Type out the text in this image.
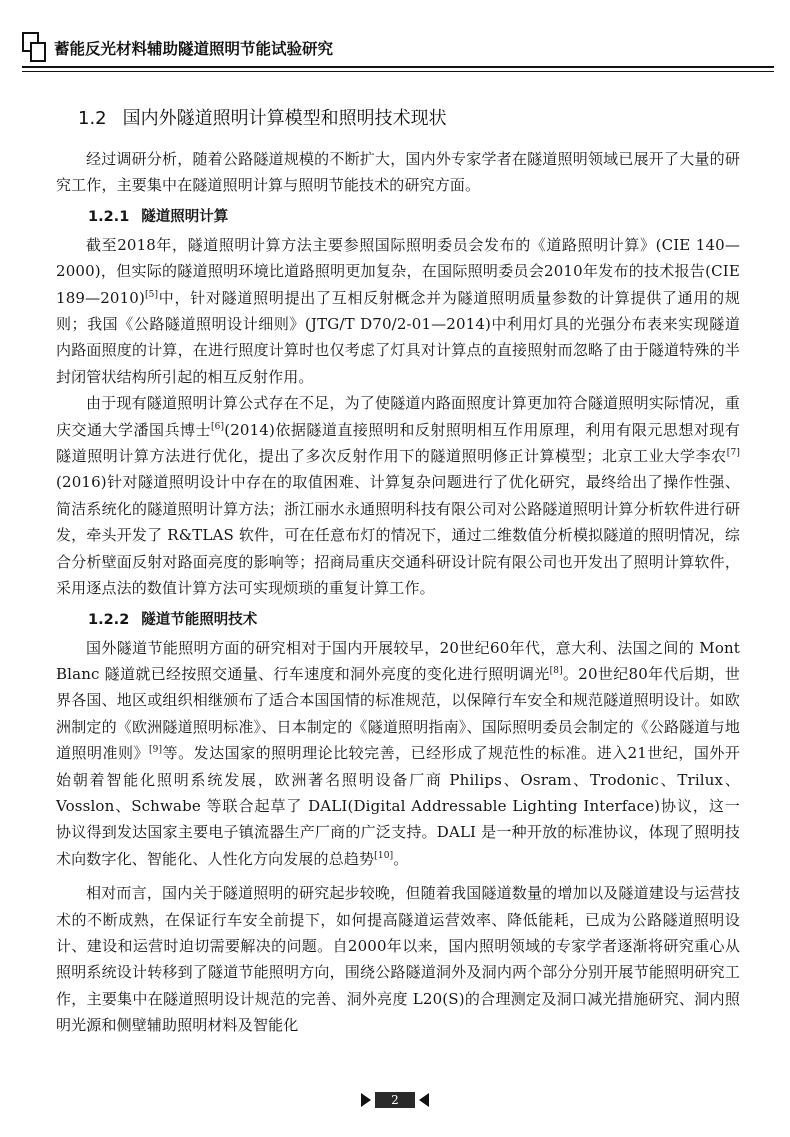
蓄能反光材料辅助隧道照明节能试验研究
1.2 国内外隧道照明计算模型和照明技术现状

经过调研分析，随着公路隧道规模的不断扩大，国内外专家学者在隧道照明领域已展开了大量的研究工作，主要集中在隧道照明计算与照明节能技术的研究方面。

1.2.1 隧道照明计算

截至2018年，隧道照明计算方法主要参照国际照明委员会发布的《道路照明计算》(CIE 140—2000)，但实际的隧道照明环境比道路照明更加复杂，在国际照明委员会2010年发布的技术报告(CIE 189—2010)[5]中，针对隧道照明提出了互相反射概念并为隧道照明质量参数的计算提供了通用的规则；我国《公路隧道照明设计细则》(JTG/T D70/2-01—2014)中利用灯具的光强分布表来实现隧道内路面照度的计算，在进行照度计算时也仅考虑了灯具对计算点的直接照射而忽略了由于隧道特殊的半封闭管状结构所引起的相互反射作用。

由于现有隧道照明计算公式存在不足，为了使隧道内路面照度计算更加符合隧道照明实际情况，重庆交通大学潘国兵博士[6](2014)依据隧道直接照明和反射照明相互作用原理，利用有限元思想对现有隧道照明计算方法进行优化，提出了多次反射作用下的隧道照明修正计算模型；北京工业大学李农[7](2016)针对隧道照明设计中存在的取值困难、计算复杂问题进行了优化研究，最终给出了操作性强、简洁系统化的隧道照明计算方法；浙江丽水永通照明科技有限公司对公路隧道照明计算分析软件进行研发，牵头开发了 R&TLAS 软件，可在任意布灯的情况下，通过二维数值分析模拟隧道的照明情况，综合分析壁面反射对路面亮度的影响等；招商局重庆交通科研设计院有限公司也开发出了照明计算软件，采用逐点法的数值计算方法可实现烦琐的重复计算工作。

1.2.2 隧道节能照明技术

国外隧道节能照明方面的研究相对于国内开展较早，20世纪60年代，意大利、法国之间的 Mont Blanc 隧道就已经按照交通量、行车速度和洞外亮度的变化进行照明调光[8]。20世纪80年代后期，世界各国、地区或组织相继颁布了适合本国国情的标准规范，以保障行车安全和规范隧道照明设计。如欧洲制定的《欧洲隧道照明标准》、日本制定的《隧道照明指南》、国际照明委员会制定的《公路隧道与地道照明准则》[9]等。发达国家的照明理论比较完善，已经形成了规范性的标准。进入21世纪，国外开始朝着智能化照明系统发展，欧洲著名照明设备厂商 Philips、Osram、Trodonic、Trilux、Vosslon、Schwabe 等联合起草了 DALI(Digital Addressable Lighting Interface)协议，这一协议得到发达国家主要电子镇流器生产厂商的广泛支持。DALI 是一种开放的标准协议，体现了照明技术向数字化、智能化、人性化方向发展的总趋势[10]。

相对而言，国内关于隧道照明的研究起步较晚，但随着我国隧道数量的增加以及隧道建设与运营技术的不断成熟，在保证行车安全前提下，如何提高隧道运营效率、降低能耗，已成为公路隧道照明设计、建设和运营时迫切需要解决的问题。自2000年以来，国内照明领域的专家学者逐渐将研究重心从照明系统设计转移到了隧道节能照明方向，围绕公路隧道洞外及洞内两个部分分别开展节能照明研究工作，主要集中在隧道照明设计规范的完善、洞外亮度 L20(S)的合理测定及洞口减光措施研究、洞内照明光源和侧壁辅助照明材料及智能化

2
